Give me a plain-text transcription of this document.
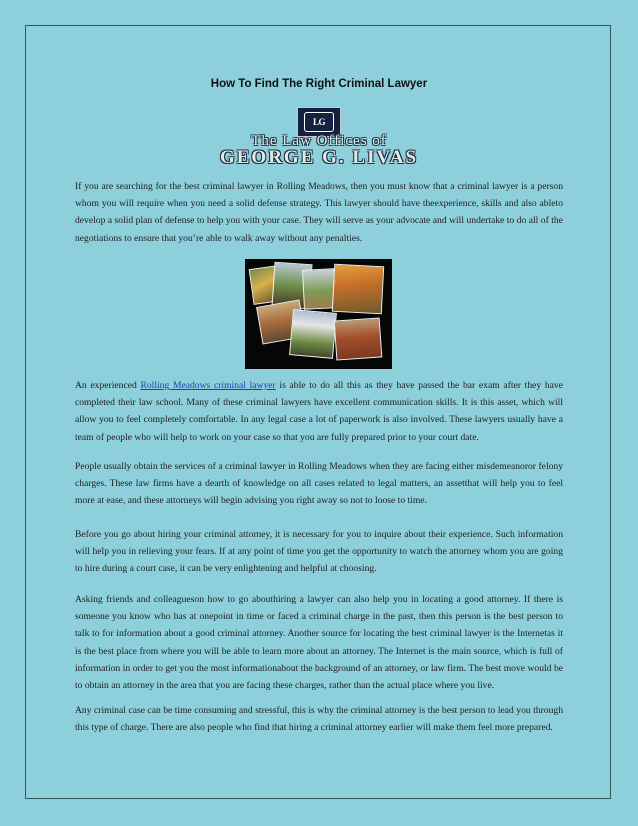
How To Find The Right Criminal Lawyer
LG
The Law Offices of
GEORGE G. LIVAS

If you are searching for the best criminal lawyer in Rolling Meadows, then you must know that a criminal lawyer is a person whom you will require when you need a solid defense strategy. This lawyer should have theexperience, skills and also ableto develop a solid plan of defense to help you with your case. They will serve as your advocate and will undertake to do all of the negotiations to ensure that you’re able to walk away without any penalties.

An experienced Rolling Meadows criminal lawyer is able to do all this as they have passed the bar exam after they have completed their law school. Many of these criminal lawyers have excellent communication skills. It is this asset, which will allow you to feel completely comfortable. In any legal case a lot of paperwork is also involved. These lawyers usually have a team of people who will help to work on your case so that you are fully prepared prior to your court date.

People usually obtain the services of a criminal lawyer in Rolling Meadows when they are facing either misdemeanoror felony charges. These law firms have a dearth of knowledge on all cases related to legal matters, an assetthat will help you to feel more at ease, and these attorneys will begin advising you right away so not to loose to time.

Before you go about hiring your criminal attorney, it is necessary for you to inquire about their experience. Such information will help you in relieving your fears. If at any point of time you get the opportunity to watch the attorney whom you are going to hire during a court case, it can be very enlightening and helpful at choosing.

Asking friends and colleagueson how to go abouthiring a lawyer can also help you in locating a good attorney. If there is someone you know who has at onepoint in time or faced a criminal charge in the past, then this person is the best person to talk to for information about a good criminal attorney. Another source for locating the best criminal lawyer is the Internetas it is the best place from where you will be able to learn more about an attorney. The Internet is the main source, which is full of information in order to get you the most informationabout the background of an attorney, or law firm. The best move would be to obtain an attorney in the area that you are facing these charges, rather than the actual place where you live.

Any criminal case can be time consuming and stressful, this is why the criminal attorney is the best person to lead you through this type of charge. There are also people who find that hiring a criminal attorney earlier will make them feel more prepared.
